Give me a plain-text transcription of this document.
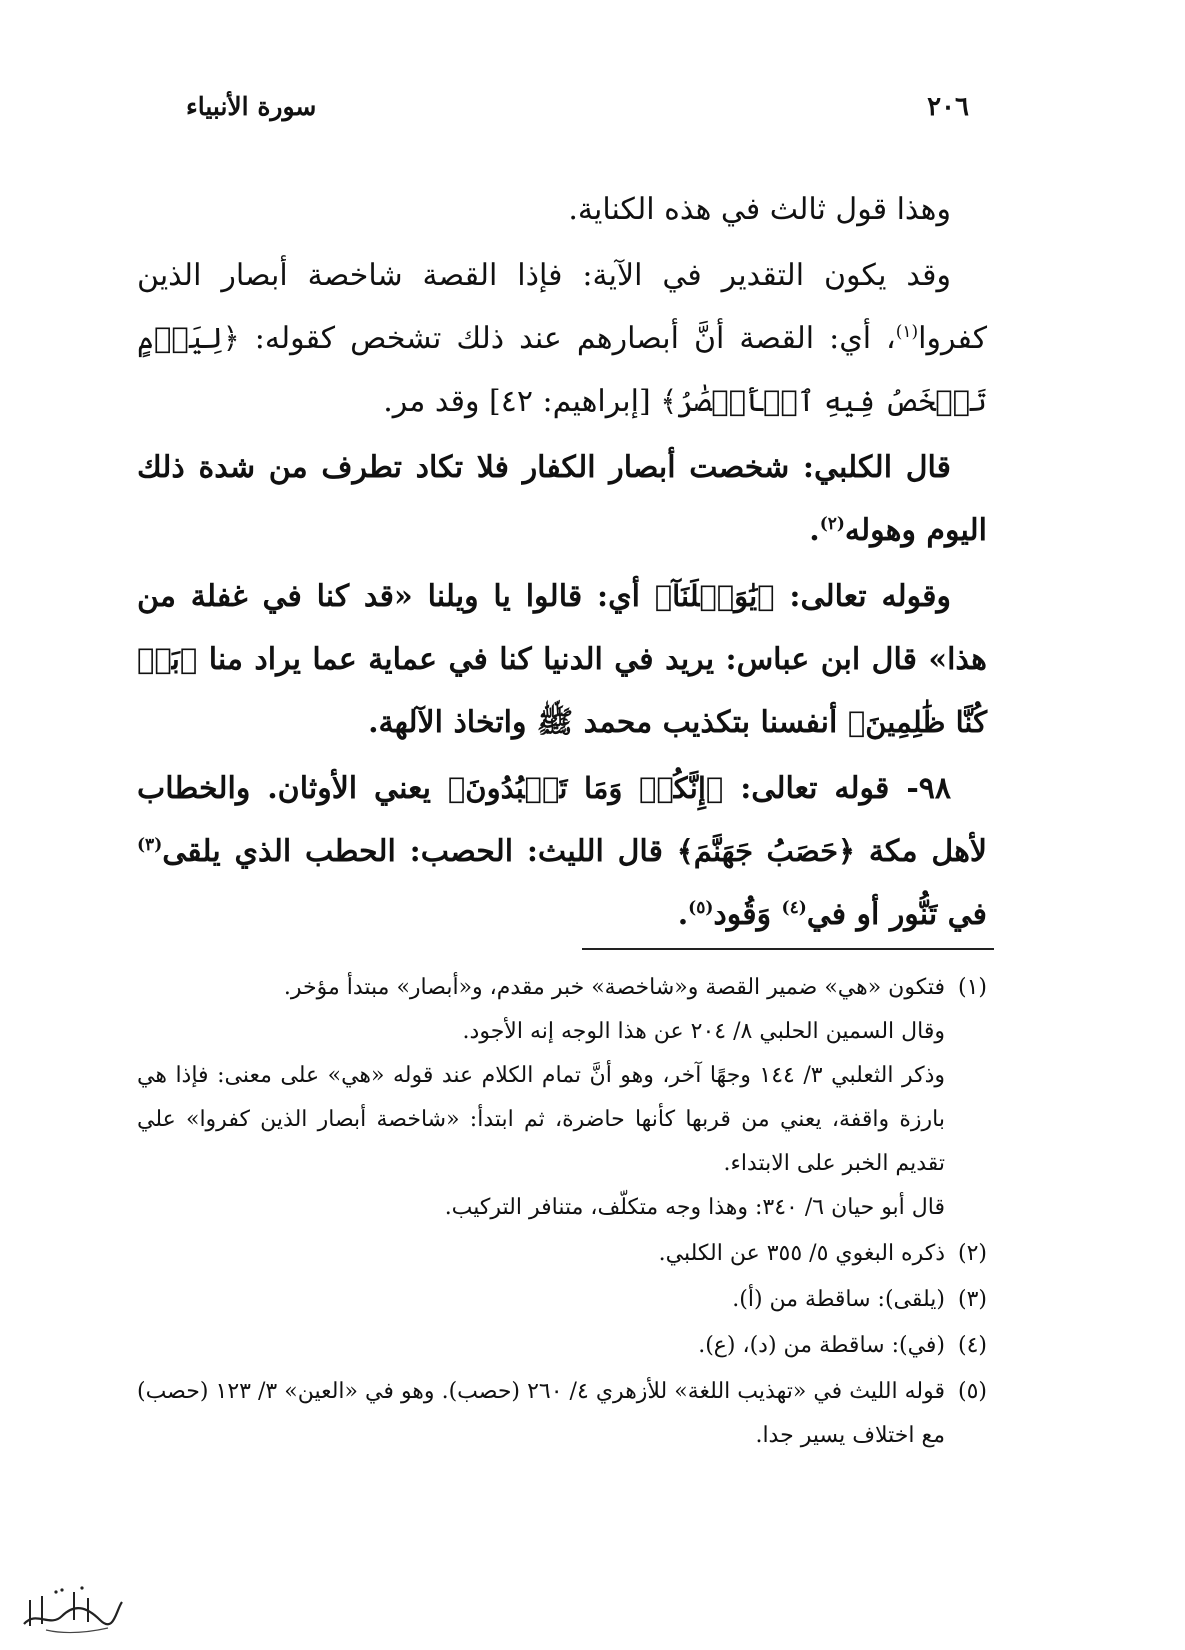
سورة الأنبياء	٢٠٦

وهذا قول ثالث في هذه الكناية.

وقد يكون التقدير في الآية: فإذا القصة شاخصة أبصار الذين كفروا$^{(١)}$، أي: القصة أنَّ أبصارهم عند ذلك تشخص كقوله: ﴿لِيَوۡمٍ تَشۡخَصُ فِيهِ ٱلۡأَبۡصَٰرُ﴾ [إبراهيم: ٤٢] وقد مر.

قال الكلبي: شخصت أبصار الكفار فلا تكاد تطرف من شدة ذلك اليوم وهوله$^{(٢)}$.

وقوله تعالى: ﴿يَٰوَيۡلَنَآ﴾ أي: قالوا يا ويلنا «قد كنا في غفلة من هذا» قال ابن عباس: يريد في الدنيا كنا في عماية عما يراد منا ﴿بَلۡ كُنَّا ظَٰلِمِينَ﴾ أنفسنا بتكذيب محمد ﷺ واتخاذ الآلهة.

٩٨- قوله تعالى: ﴿إِنَّكُمۡ وَمَا تَعۡبُدُونَ﴾ يعني الأوثان. والخطاب لأهل مكة ﴿حَصَبُ جَهَنَّمَ﴾ قال الليث: الحصب: الحطب الذي يلقى$^{(٣)}$ في تَنُّور أو في$^{(٤)}$ وَقُود$^{(٥)}$.

(١)

فتكون «هي» ضمير القصة و«شاخصة» خبر مقدم، و«أبصار» مبتدأ مؤخر.

وقال السمين الحلبي ٨/ ٢٠٤ عن هذا الوجه إنه الأجود.

وذكر الثعلبي ٣/ ١٤٤ وجهًا آخر، وهو أنَّ تمام الكلام عند قوله «هي» على معنى: فإذا هي بارزة واقفة، يعني من قربها كأنها حاضرة، ثم ابتدأ: «شاخصة أبصار الذين كفروا» علي تقديم الخبر على الابتداء.

قال أبو حيان ٦/ ٣٤٠: وهذا وجه متكلّف، متنافر التركيب.

(٢)

ذكره البغوي ٥/ ٣٥٥ عن الكلبي.

(٣)

(يلقى): ساقطة من (أ).

(٤)

(في): ساقطة من (د)، (ع).

(٥)

قوله الليث في «تهذيب اللغة» للأزهري ٤/ ٢٦٠ (حصب). وهو في «العين» ٣/ ١٢٣ (حصب) مع اختلاف يسير جدا.
